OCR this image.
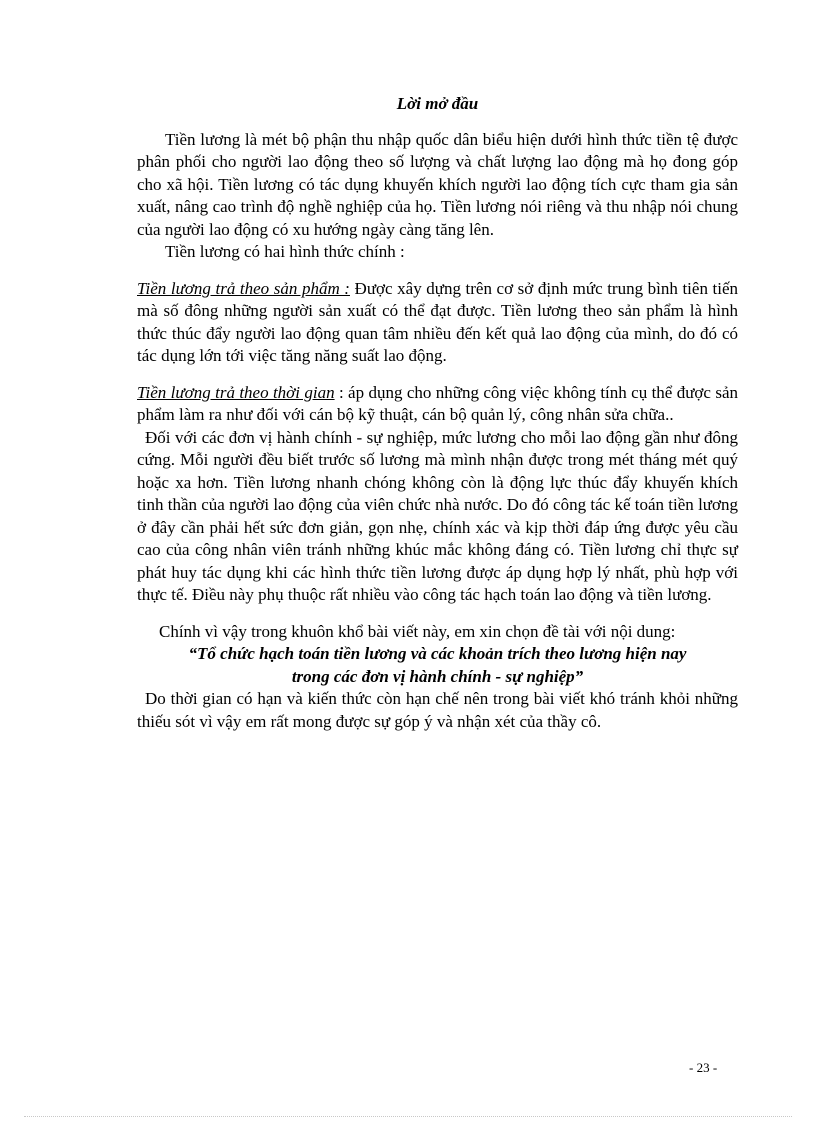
Lời mở đầu

Tiền lương là mét bộ phận thu nhập quốc dân biểu hiện dưới hình thức tiền tệ được phân phối cho người lao động theo số lượng và chất lượng lao động mà họ đong góp cho xã hội. Tiền lương có tác dụng khuyến khích người lao động tích cực tham gia sản xuất, nâng cao trình độ nghề nghiệp của họ. Tiền lương nói riêng và thu nhập nói chung của người lao động có xu hướng ngày càng tăng lên.

Tiền lương có hai hình thức chính :

Tiền lương trả theo sản phẩm : Được xây dựng trên cơ sở định mức trung bình tiên tiến mà số đông những người sản xuất có thể đạt được. Tiền lương theo sản phẩm là hình thức thúc đẩy người lao động quan tâm nhiều đến kết quả lao động của mình, do đó có tác dụng lớn tới việc tăng năng suất lao động.

Tiền lương trả theo thời gian : áp dụng cho những công việc không tính cụ thể được sản phẩm làm ra như đối với cán bộ kỹ thuật, cán bộ quản lý, công nhân sửa chữa..

Đối với các đơn vị hành chính - sự nghiệp, mức lương cho mỗi lao động gần như đông cứng. Mỗi người đều biết trước số lương mà mình nhận được trong mét tháng mét quý hoặc xa hơn. Tiền lương nhanh chóng không còn là động lực thúc đẩy khuyến khích tinh thần của người lao động của viên chức nhà nước. Do đó công tác kế toán tiền lương ở đây cần phải hết sức đơn giản, gọn nhẹ, chính xác và kịp thời đáp ứng được yêu cầu cao của công nhân viên tránh những khúc mắc không đáng có. Tiền lương chỉ thực sự phát huy tác dụng khi các hình thức tiền lương được áp dụng hợp lý nhất, phù hợp với thực tế. Điều này phụ thuộc rất nhiều vào công tác hạch toán lao động và tiền lương.

Chính vì vậy trong khuôn khổ bài viết này, em xin chọn đề tài với nội dung:

“Tổ chức hạch toán tiền lương và các khoản trích theo lương hiện nay
trong các đơn vị hành chính - sự nghiệp”

Do thời gian có hạn và kiến thức còn hạn chế nên trong bài viết khó tránh khỏi những thiếu sót vì vậy em rất mong được sự góp ý và nhận xét của thầy cô.

- 23 -
